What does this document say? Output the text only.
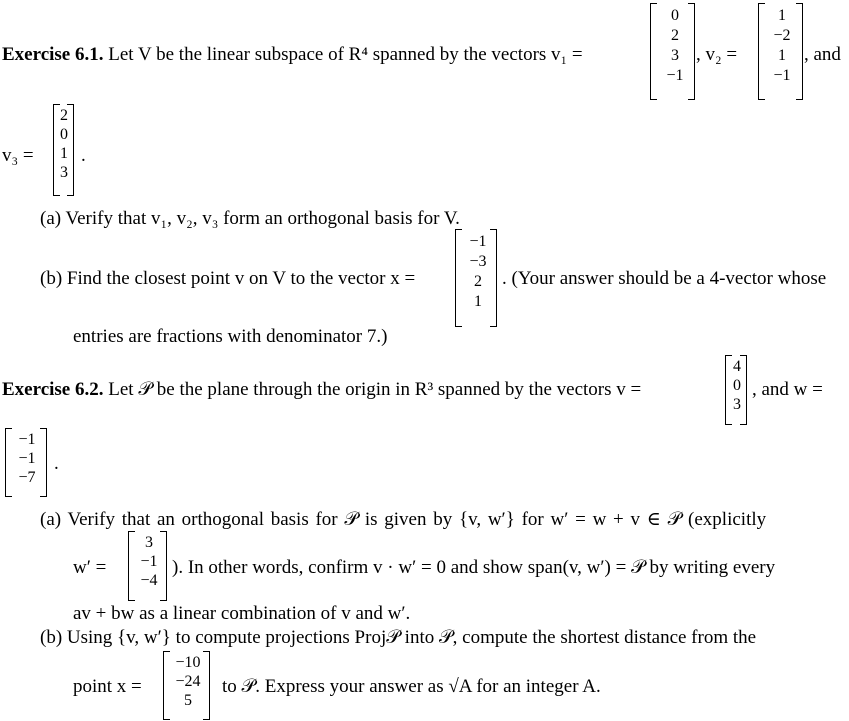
0
2
3
−1
1
−2
1
−1
Exercise 6.1. Let V be the linear subspace of R⁴ spanned by the vectors v₁ =	, v₂ =	, and
v₃ =
2
0
1
3
.
(a) Verify that v₁, v₂, v₃ form an orthogonal basis for V.
(b) Find the closest point v on V to the vector x =
−1
−3
2
1
. (Your answer should be a 4-vector whose
entries are fractions with denominator 7.)
Exercise 6.2. Let 𝒫 be the plane through the origin in R³ spanned by the vectors v =
4
0
3
, and w =
−1
−1
−7
.
(a) Verify that an orthogonal basis for 𝒫 is given by {v, w′} for w′ = w + v ∈ 𝒫 (explicitly
w′ =
3
−1
−4
). In other words, confirm v · w′ = 0 and show span(v, w′) = 𝒫 by writing every
av + bw as a linear combination of v and w′.
(b) Using {v, w′} to compute projections Proj𝒫 into 𝒫, compute the shortest distance from the
point x =
−10
−24
5
to 𝒫. Express your answer as √A for an integer A.
